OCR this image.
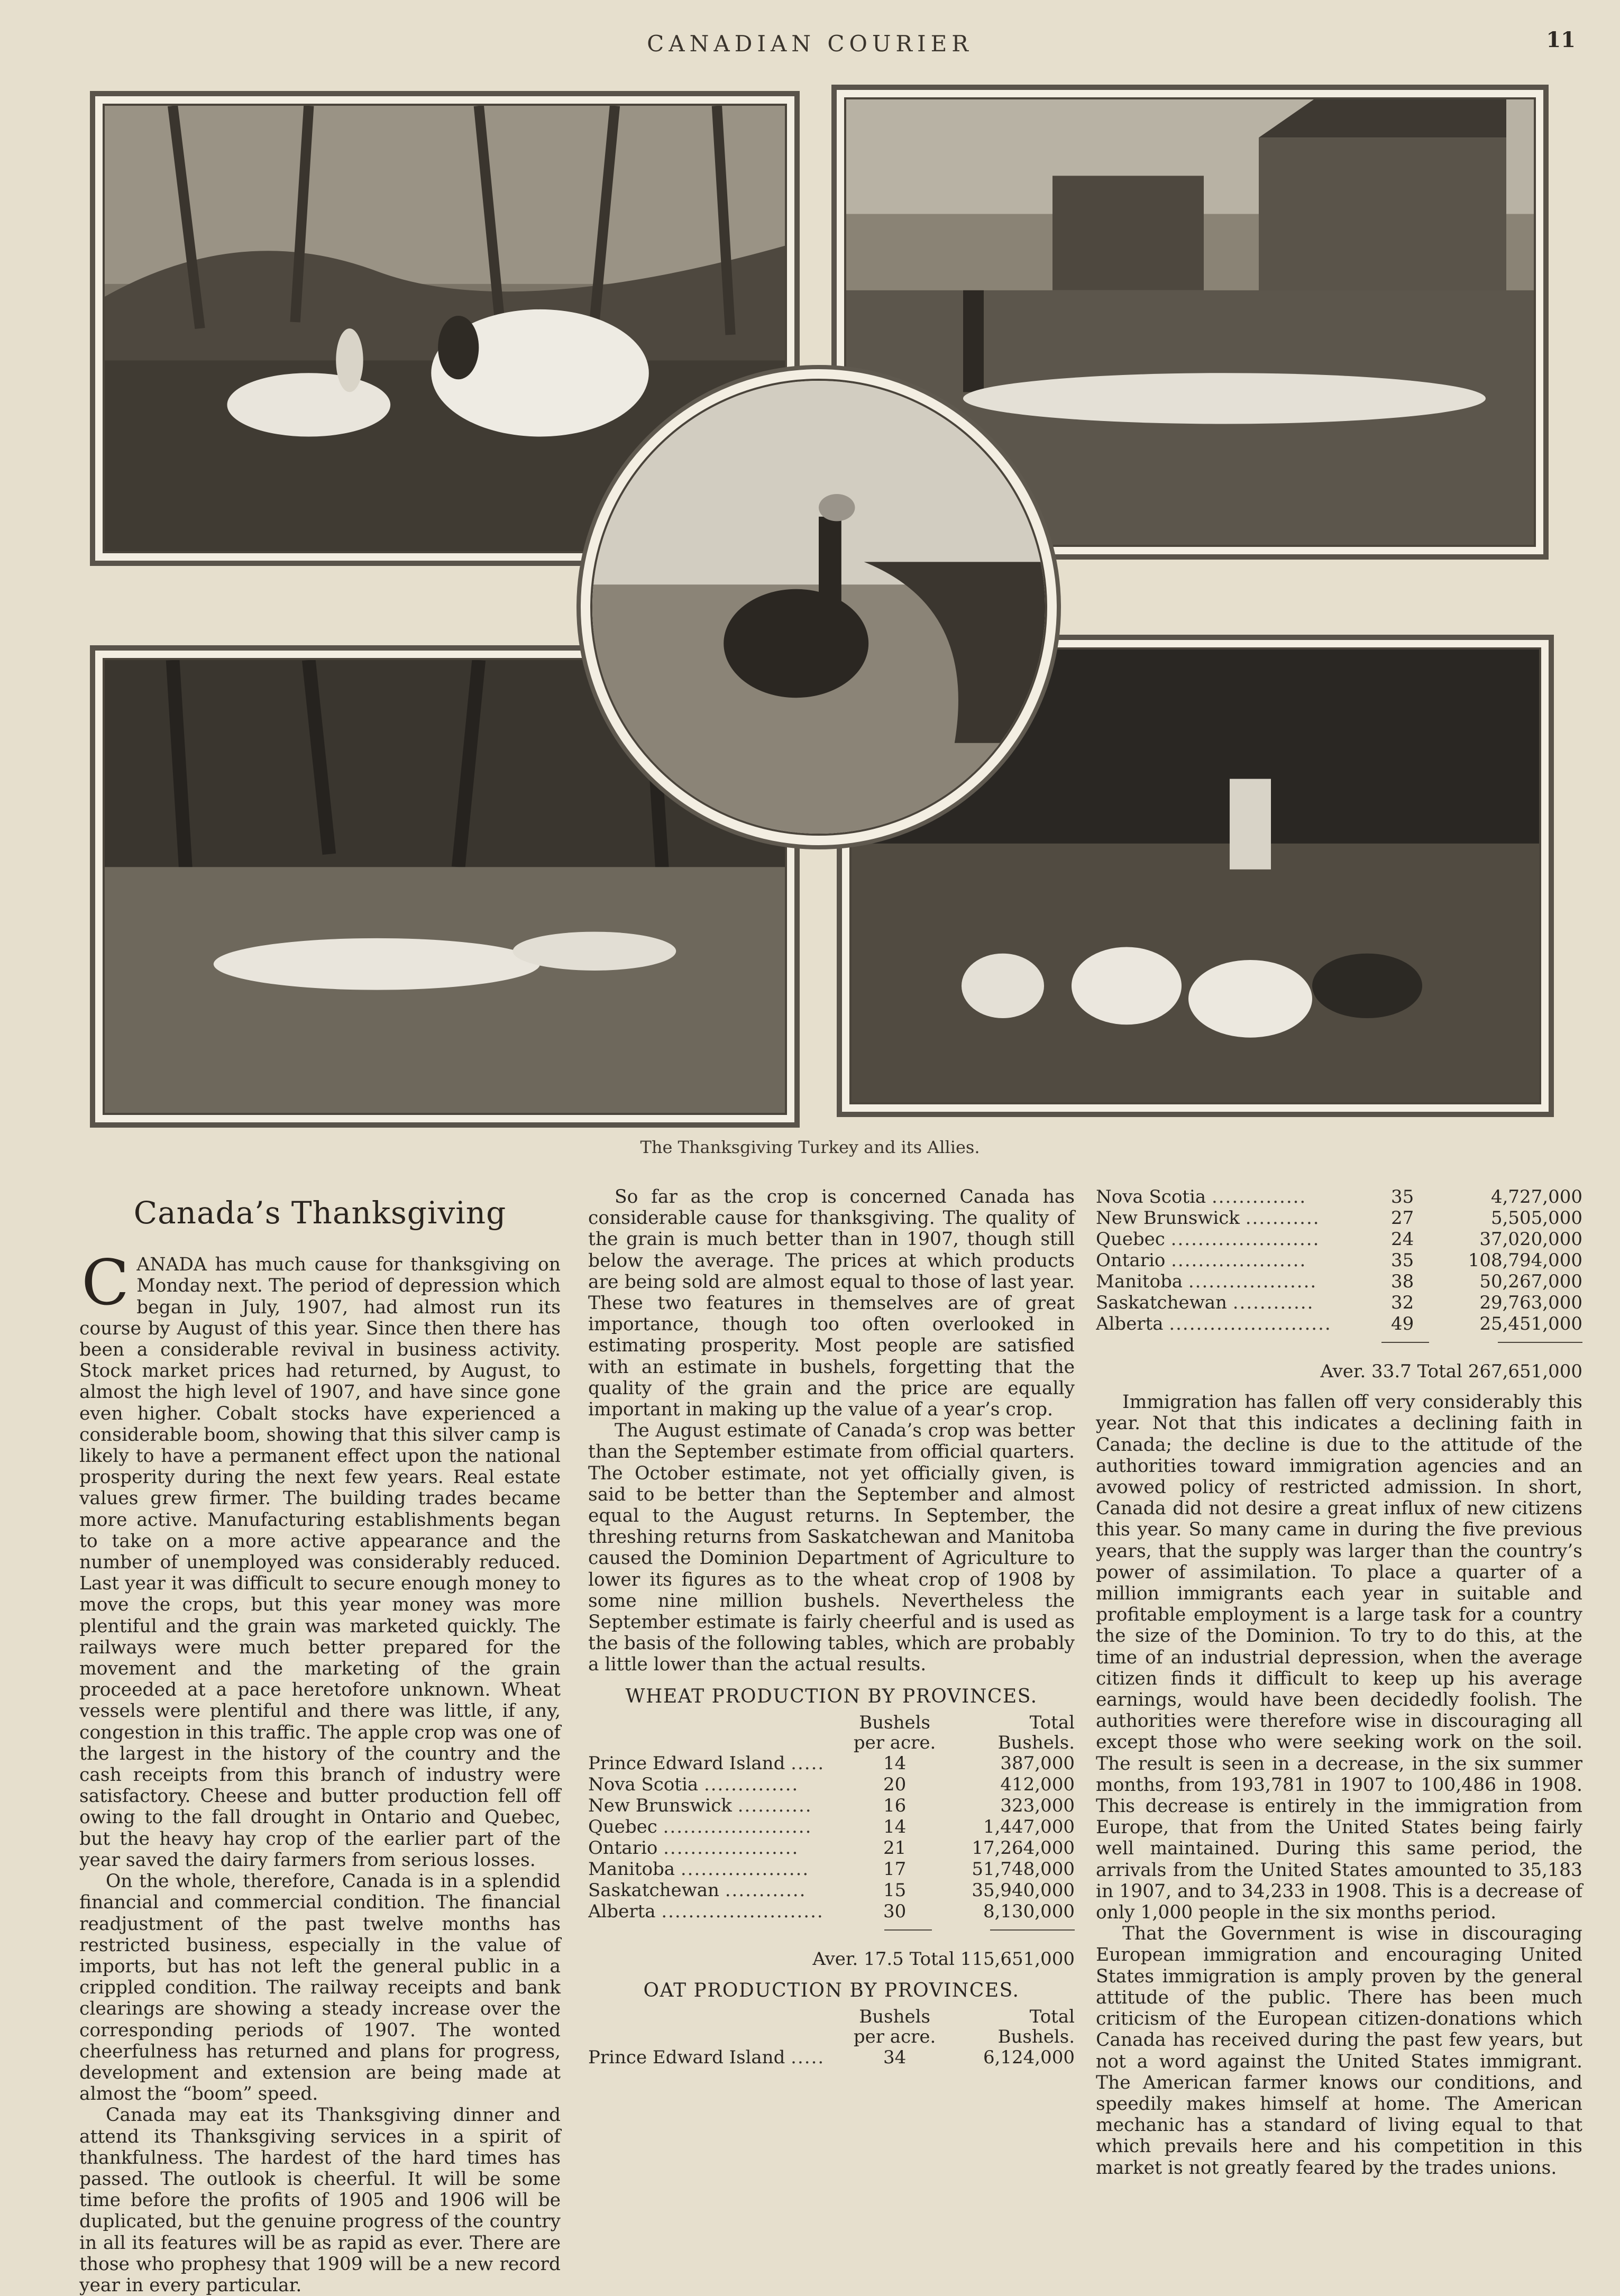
CANADIAN COURIER	11
The Thanksgiving Turkey and its Allies.
Canada’s Thanksgiving

CANADA has much cause for thanksgiving on Monday next. The period of depression which began in July, 1907, had almost run its course by August of this year. Since then there has been a considerable revival in business activity. Stock market prices had returned, by August, to almost the high level of 1907, and have since gone even higher. Cobalt stocks have experienced a considerable boom, showing that this silver camp is likely to have a permanent effect upon the national prosperity during the next few years. Real estate values grew firmer. The building trades became more active. Manufacturing establishments began to take on a more active appearance and the number of unemployed was considerably reduced. Last year it was difficult to secure enough money to move the crops, but this year money was more plentiful and the grain was marketed quickly. The railways were much better prepared for the movement and the marketing of the grain proceeded at a pace heretofore unknown. Wheat vessels were plentiful and there was little, if any, congestion in this traffic. The apple crop was one of the largest in the history of the country and the cash receipts from this branch of industry were satisfactory. Cheese and butter production fell off owing to the fall drought in Ontario and Quebec, but the heavy hay crop of the earlier part of the year saved the dairy farmers from serious losses.

On the whole, therefore, Canada is in a splendid financial and commercial condition. The financial readjustment of the past twelve months has restricted business, especially in the value of imports, but has not left the general public in a crippled condition. The railway receipts and bank clearings are showing a steady increase over the corresponding periods of 1907. The wonted cheerfulness has returned and plans for progress, development and extension are being made at almost the “boom” speed.

Canada may eat its Thanksgiving dinner and attend its Thanksgiving services in a spirit of thankfulness. The hardest of the hard times has passed. The outlook is cheerful. It will be some time before the profits of 1905 and 1906 will be duplicated, but the genuine progress of the country in all its features will be as rapid as ever. There are those who prophesy that 1909 will be a new record year in every particular.

So far as the crop is concerned Canada has considerable cause for thanksgiving. The quality of the grain is much better than in 1907, though still below the average. The prices at which products are being sold are almost equal to those of last year. These two features in themselves are of great importance, though too often overlooked in estimating prosperity. Most people are satisfied with an estimate in bushels, forgetting that the quality of the grain and the price are equally important in making up the value of a year’s crop.

The August estimate of Canada’s crop was better than the September estimate from official quarters. The October estimate, not yet officially given, is said to be better than the September and almost equal to the August returns. In September, the threshing returns from Saskatchewan and Manitoba caused the Dominion Department of Agriculture to lower its figures as to the wheat crop of 1908 by some nine million bushels. Nevertheless the September estimate is fairly cheerful and is used as the basis of the following tables, which are probably a little lower than the actual results.

WHEAT PRODUCTION BY PROVINCES.
	Bushels	Total
	per acre.	Bushels.
Prince Edward Island .....	14	387,000
Nova Scotia ..............	20	412,000
New Brunswick ...........	16	323,000
Quebec ......................	14	1,447,000
Ontario ....................	21	17,264,000
Manitoba ...................	17	51,748,000
Saskatchewan ............	15	35,940,000
Alberta ........................	30	8,130,000
Aver. 17.5 Total 115,651,000
OAT PRODUCTION BY PROVINCES.
	Bushels	Total
	per acre.	Bushels.
Prince Edward Island .....	34	6,124,000
Nova Scotia ..............	35	4,727,000
New Brunswick ...........	27	5,505,000
Quebec ......................	24	37,020,000
Ontario ....................	35	108,794,000
Manitoba ...................	38	50,267,000
Saskatchewan ............	32	29,763,000
Alberta ........................	49	25,451,000
Aver. 33.7 Total 267,651,000

Immigration has fallen off very considerably this year. Not that this indicates a declining faith in Canada; the decline is due to the attitude of the authorities toward immigration agencies and an avowed policy of restricted admission. In short, Canada did not desire a great influx of new citizens this year. So many came in during the five previous years, that the supply was larger than the country’s power of assimilation. To place a quarter of a million immigrants each year in suitable and profitable employment is a large task for a country the size of the Dominion. To try to do this, at the time of an industrial depression, when the average citizen finds it difficult to keep up his average earnings, would have been decidedly foolish. The authorities were therefore wise in discouraging all except those who were seeking work on the soil. The result is seen in a decrease, in the six summer months, from 193,781 in 1907 to 100,486 in 1908. This decrease is entirely in the immigration from Europe, that from the United States being fairly well maintained. During this same period, the arrivals from the United States amounted to 35,183 in 1907, and to 34,233 in 1908. This is a decrease of only 1,000 people in the six months period.

That the Government is wise in discouraging European immigration and encouraging United States immigration is amply proven by the general attitude of the public. There has been much criticism of the European citizen-donations which Canada has received during the past few years, but not a word against the United States immigrant. The American farmer knows our conditions, and speedily makes himself at home. The American mechanic has a standard of living equal to that which prevails here and his competition in this market is not greatly feared by the trades unions.
